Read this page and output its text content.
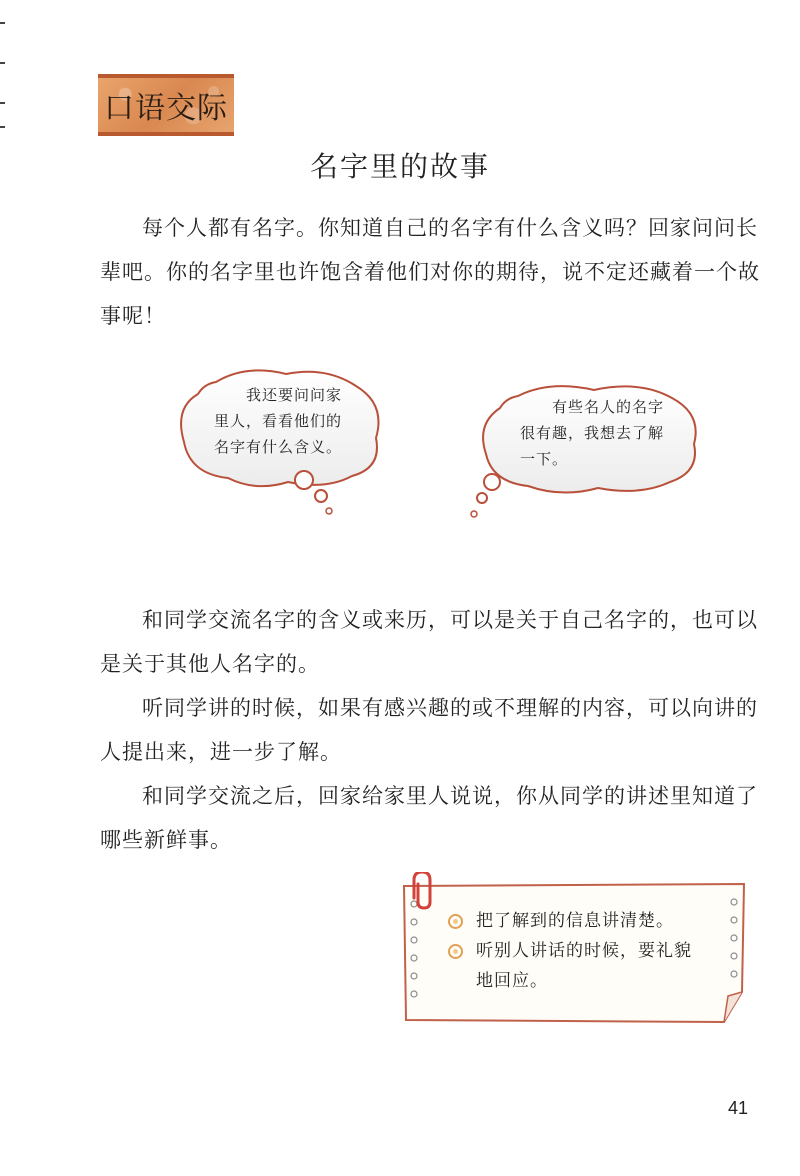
口语交际
名字里的故事

每个人都有名字。你知道自己的名字有什么含义吗？回家问问长辈吧。你的名字里也许饱含着他们对你的期待，说不定还藏着一个故事呢！

　　我还要问问家
里人，看看他们的
名字有什么含义。
　　有些名人的名字
很有趣，我想去了解
一下。

和同学交流名字的含义或来历，可以是关于自己名字的，也可以是关于其他人名字的。

听同学讲的时候，如果有感兴趣的或不理解的内容，可以向讲的人提出来，进一步了解。

和同学交流之后，回家给家里人说说，你从同学的讲述里知道了哪些新鲜事。

把了解到的信息讲清楚。
听别人讲话的时候，要礼貌地回应。
41
